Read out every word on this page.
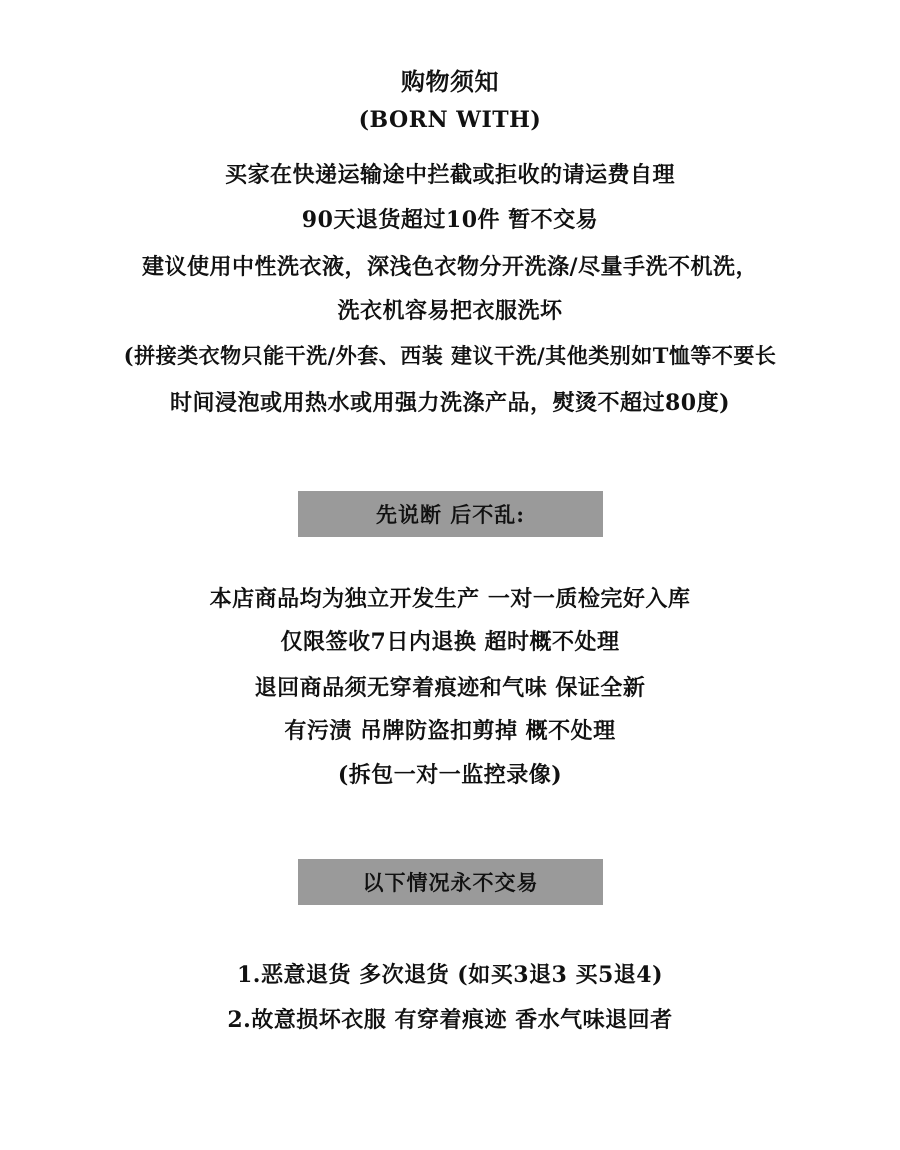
购物须知
(BORN WITH)
买家在快递运输途中拦截或拒收的请运费自理
90天退货超过10件 暂不交易
建议使用中性洗衣液，深浅色衣物分开洗涤/尽量手洗不机洗，
洗衣机容易把衣服洗坏
(拼接类衣物只能干洗/外套、西装 建议干洗/其他类别如T恤等不要长
时间浸泡或用热水或用强力洗涤产品，熨烫不超过80度)
先说断 后不乱:
本店商品均为独立开发生产 一对一质检完好入库
仅限签收7日内退换 超时概不处理
退回商品须无穿着痕迹和气味 保证全新
有污渍 吊牌防盗扣剪掉 概不处理
(拆包一对一监控录像)
以下情况永不交易
1.恶意退货 多次退货 (如买3退3 买5退4)
2.故意损坏衣服 有穿着痕迹 香水气味退回者
